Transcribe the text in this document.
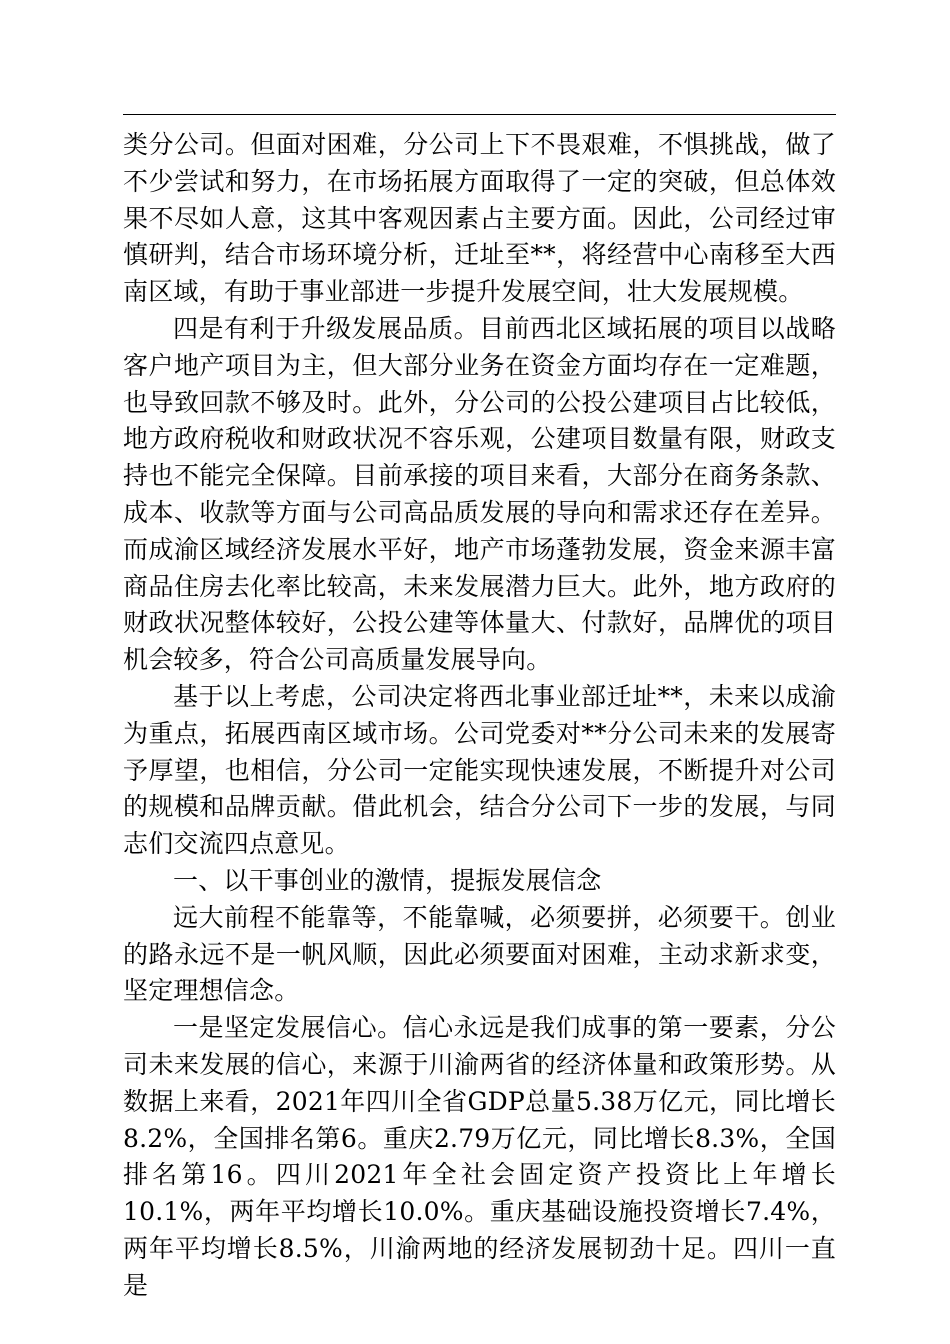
类分公司。但面对困难，分公司上下不畏艰难，不惧挑战，做了不少尝试和努力，在市场拓展方面取得了一定的突破，但总体效果不尽如人意，这其中客观因素占主要方面。因此，公司经过审慎研判，结合市场环境分析，迁址至**，将经营中心南移至大西南区域，有助于事业部进一步提升发展空间，壮大发展规模。

四是有利于升级发展品质。目前西北区域拓展的项目以战略客户地产项目为主，但大部分业务在资金方面均存在一定难题，也导致回款不够及时。此外，分公司的公投公建项目占比较低，地方政府税收和财政状况不容乐观，公建项目数量有限，财政支持也不能完全保障。目前承接的项目来看，大部分在商务条款、成本、收款等方面与公司高品质发展的导向和需求还存在差异。而成渝区域经济发展水平好，地产市场蓬勃发展，资金来源丰富商品住房去化率比较高，未来发展潜力巨大。此外，地方政府的财政状况整体较好，公投公建等体量大、付款好，品牌优的项目机会较多，符合公司高质量发展导向。

基于以上考虑，公司决定将西北事业部迁址**，未来以成渝为重点，拓展西南区域市场。公司党委对**分公司未来的发展寄予厚望，也相信，分公司一定能实现快速发展，不断提升对公司的规模和品牌贡献。借此机会，结合分公司下一步的发展，与同志们交流四点意见。

一、以干事创业的激情，提振发展信念

远大前程不能靠等，不能靠喊，必须要拼，必须要干。创业的路永远不是一帆风顺，因此必须要面对困难，主动求新求变，坚定理想信念。

一是坚定发展信心。信心永远是我们成事的第一要素，分公司未来发展的信心，来源于川渝两省的经济体量和政策形势。从数据上来看，2021年四川全省GDP总量5.38万亿元，同比增长8.2%，全国排名第6。重庆2.79万亿元，同比增长8.3%，全国排名第16。四川2021年全社会固定资产投资比上年增长10.1%，两年平均增长10.0%。重庆基础设施投资增长7.4%，两年平均增长8.5%，川渝两地的经济发展韧劲十足。四川一直是
